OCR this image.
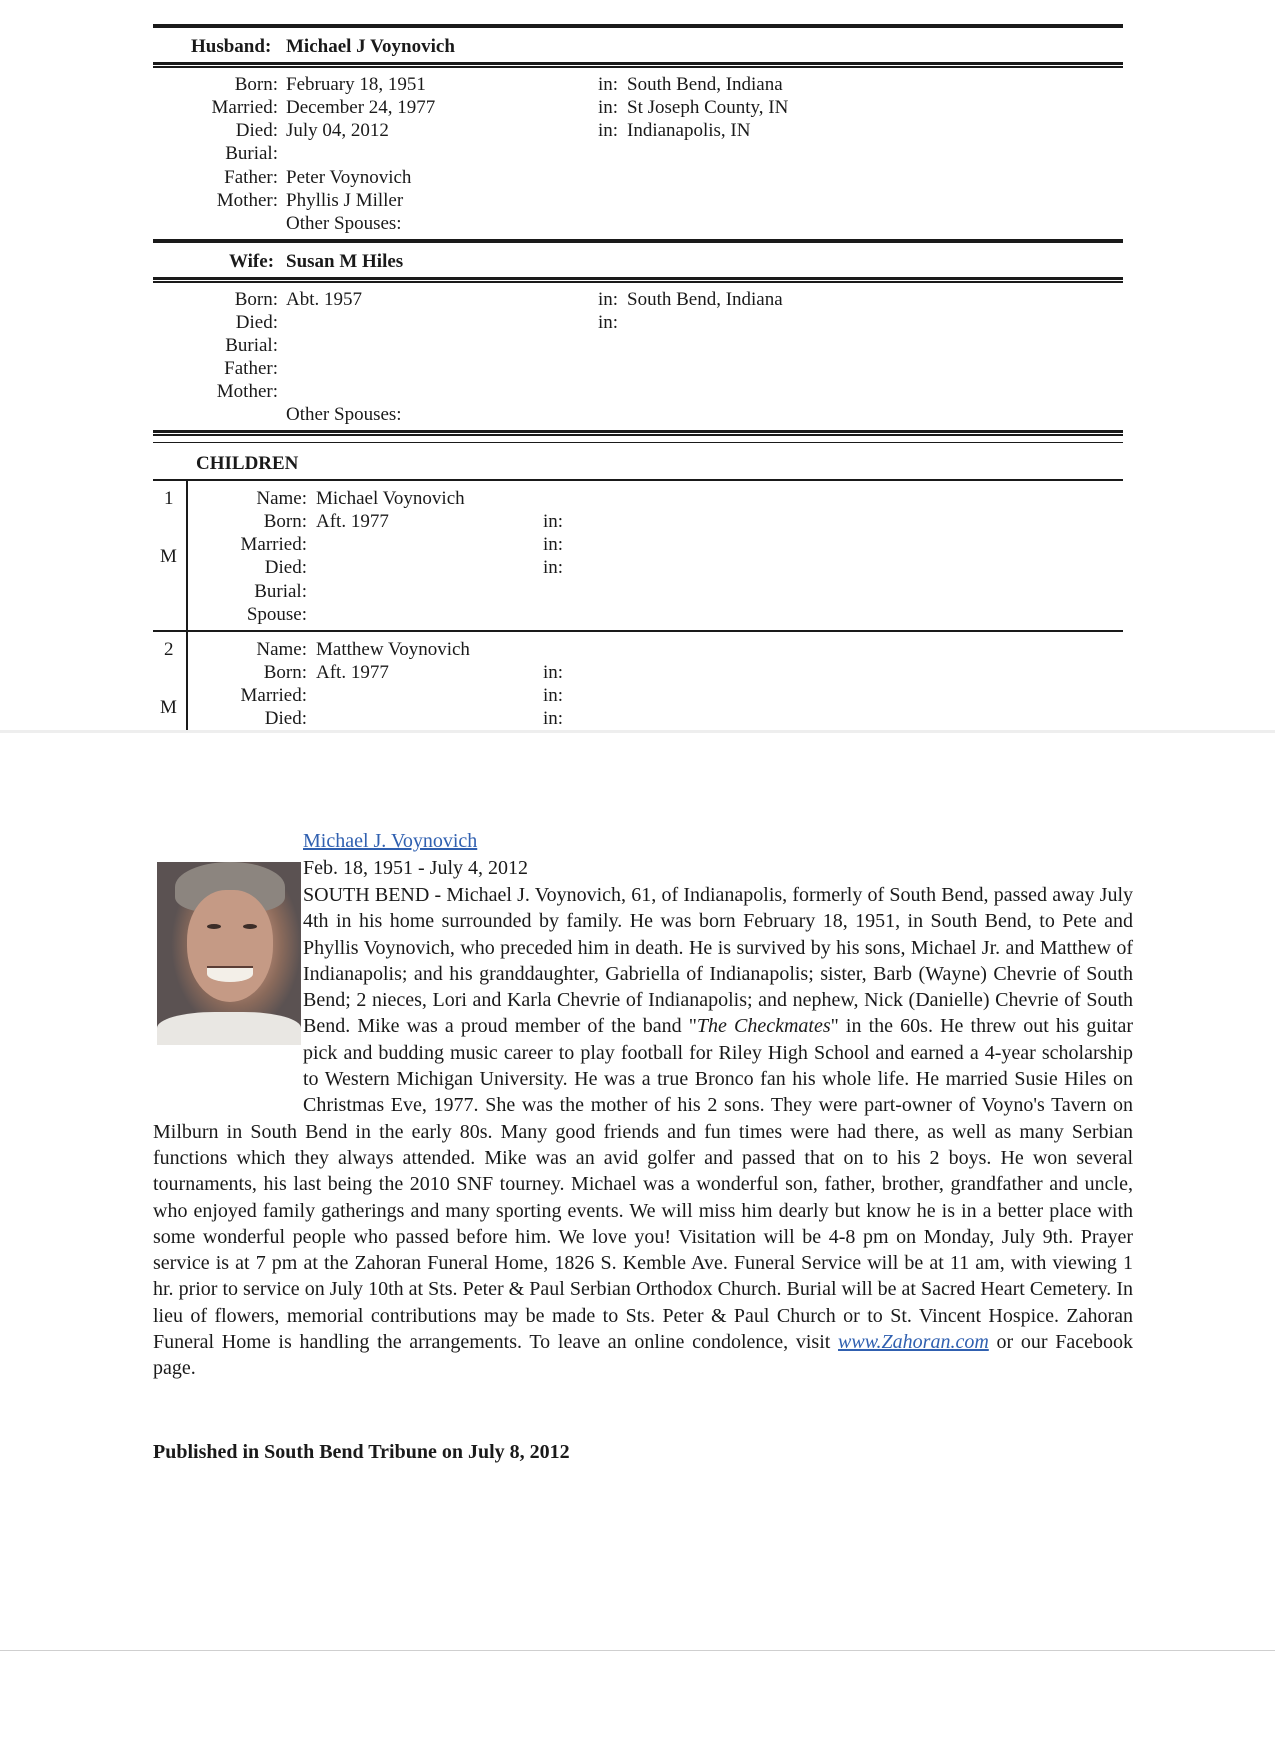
Husband: Michael J Voynovich
Born: February 18, 1951	in: South Bend, Indiana
Married: December 24, 1977	in: St Joseph County, IN
Died: July 04, 2012	in: Indianapolis, IN
Burial:
Father: Peter Voynovich
Mother: Phyllis J Miller
Other Spouses:
Wife: Susan M Hiles
Born: Abt. 1957	in: South Bend, Indiana
Died:	in:
Burial:
Father:
Mother:
Other Spouses:
CHILDREN
1
M
Name: Michael Voynovich
Born: Aft. 1977	in:
Married:	in:
Died:	in:
Burial:
Spouse:
2
M
Name: Matthew Voynovich
Born: Aft. 1977	in:
Married:	in:
Died:	in:
Michael J. Voynovich
Feb. 18, 1951 - July 4, 2012
SOUTH BEND - Michael J. Voynovich, 61, of Indianapolis, formerly of South Bend, passed away July 4th in his home surrounded by family. He was born February 18, 1951, in South Bend, to Pete and Phyllis Voynovich, who preceded him in death. He is survived by his sons, Michael Jr. and Matthew of Indianapolis; and his granddaughter, Gabriella of Indianapolis; sister, Barb (Wayne) Chevrie of South Bend; 2 nieces, Lori and Karla Chevrie of Indianapolis; and nephew, Nick (Danielle) Chevrie of South Bend. Mike was a proud member of the band "The Checkmates" in the 60s. He threw out his guitar pick and budding music career to play football for Riley High School and earned a 4-year scholarship to Western Michigan University. He was a true Bronco fan his whole life. He married Susie Hiles on Christmas Eve, 1977. She was the mother of his 2 sons. They were part-owner of Voyno's Tavern on Milburn in South Bend in the early 80s. Many good friends and fun times were had there, as well as many Serbian functions which they always attended. Mike was an avid golfer and passed that on to his 2 boys. He won several tournaments, his last being the 2010 SNF tourney. Michael was a wonderful son, father, brother, grandfather and uncle, who enjoyed family gatherings and many sporting events. We will miss him dearly but know he is in a better place with some wonderful people who passed before him. We love you! Visitation will be 4-8 pm on Monday, July 9th. Prayer service is at 7 pm at the Zahoran Funeral Home, 1826 S. Kemble Ave. Funeral Service will be at 11 am, with viewing 1 hr. prior to service on July 10th at Sts. Peter & Paul Serbian Orthodox Church. Burial will be at Sacred Heart Cemetery. In lieu of flowers, memorial contributions may be made to Sts. Peter & Paul Church or to St. Vincent Hospice. Zahoran Funeral Home is handling the arrangements. To leave an online condolence, visit www.Zahoran.com or our Facebook page.
Published in South Bend Tribune on July 8, 2012
